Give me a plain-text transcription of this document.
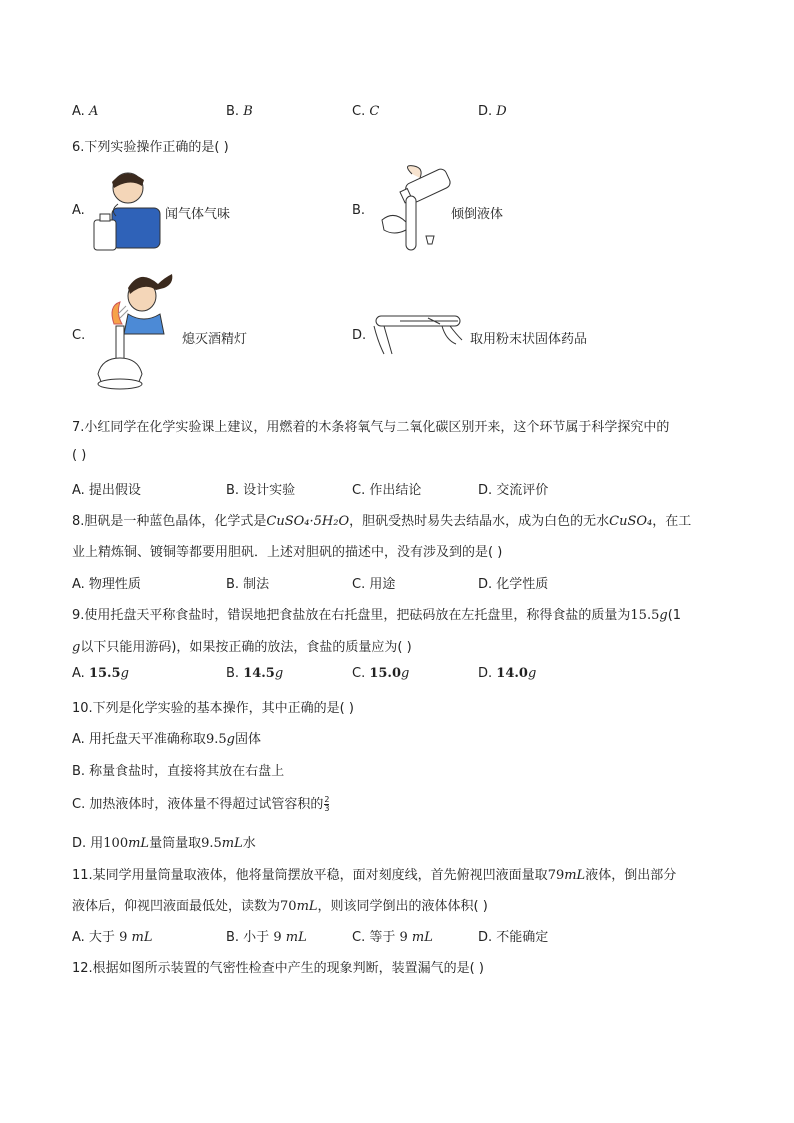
A. A	B. B	C. C	D. D
6.下列实验操作正确的是( )
A.	闻气体气味	B.	倾倒液体
C.	熄灭酒精灯	D.	取用粉末状固体药品
7.小红同学在化学实验课上建议，用燃着的木条将氧气与二氧化碳区别开来，这个环节属于科学探究中的
( )
A. 提出假设	B. 设计实验	C. 作出结论	D. 交流评价
8.胆矾是一种蓝色晶体，化学式是CuSO₄·5H₂O，胆矾受热时易失去结晶水，成为白色的无水CuSO₄，在工
业上精炼铜、镀铜等都要用胆矾．上述对胆矾的描述中，没有涉及到的是( )
A. 物理性质	B. 制法	C. 用途	D. 化学性质
9.使用托盘天平称食盐时，错误地把食盐放在右托盘里，把砝码放在左托盘里，称得食盐的质量为15.5g(1
g以下只能用游码)，如果按正确的放法，食盐的质量应为( )
A. 15.5g	B. 14.5g	C. 15.0g	D. 14.0g
10.下列是化学实验的基本操作，其中正确的是( )
A. 用托盘天平准确称取9.5g固体
B. 称量食盐时，直接将其放在右盘上
C. 加热液体时，液体量不得超过试管容积的 $\frac{2}{3}$
D. 用100mL量筒量取9.5mL水
11.某同学用量筒量取液体，他将量筒摆放平稳，面对刻度线，首先俯视凹液面量取79mL液体，倒出部分
液体后，仰视凹液面最低处，读数为70mL，则该同学倒出的液体体积( )
A. 大于 9 mL	B. 小于 9 mL	C. 等于 9 mL	D. 不能确定
12.根据如图所示装置的气密性检查中产生的现象判断，装置漏气的是( )
